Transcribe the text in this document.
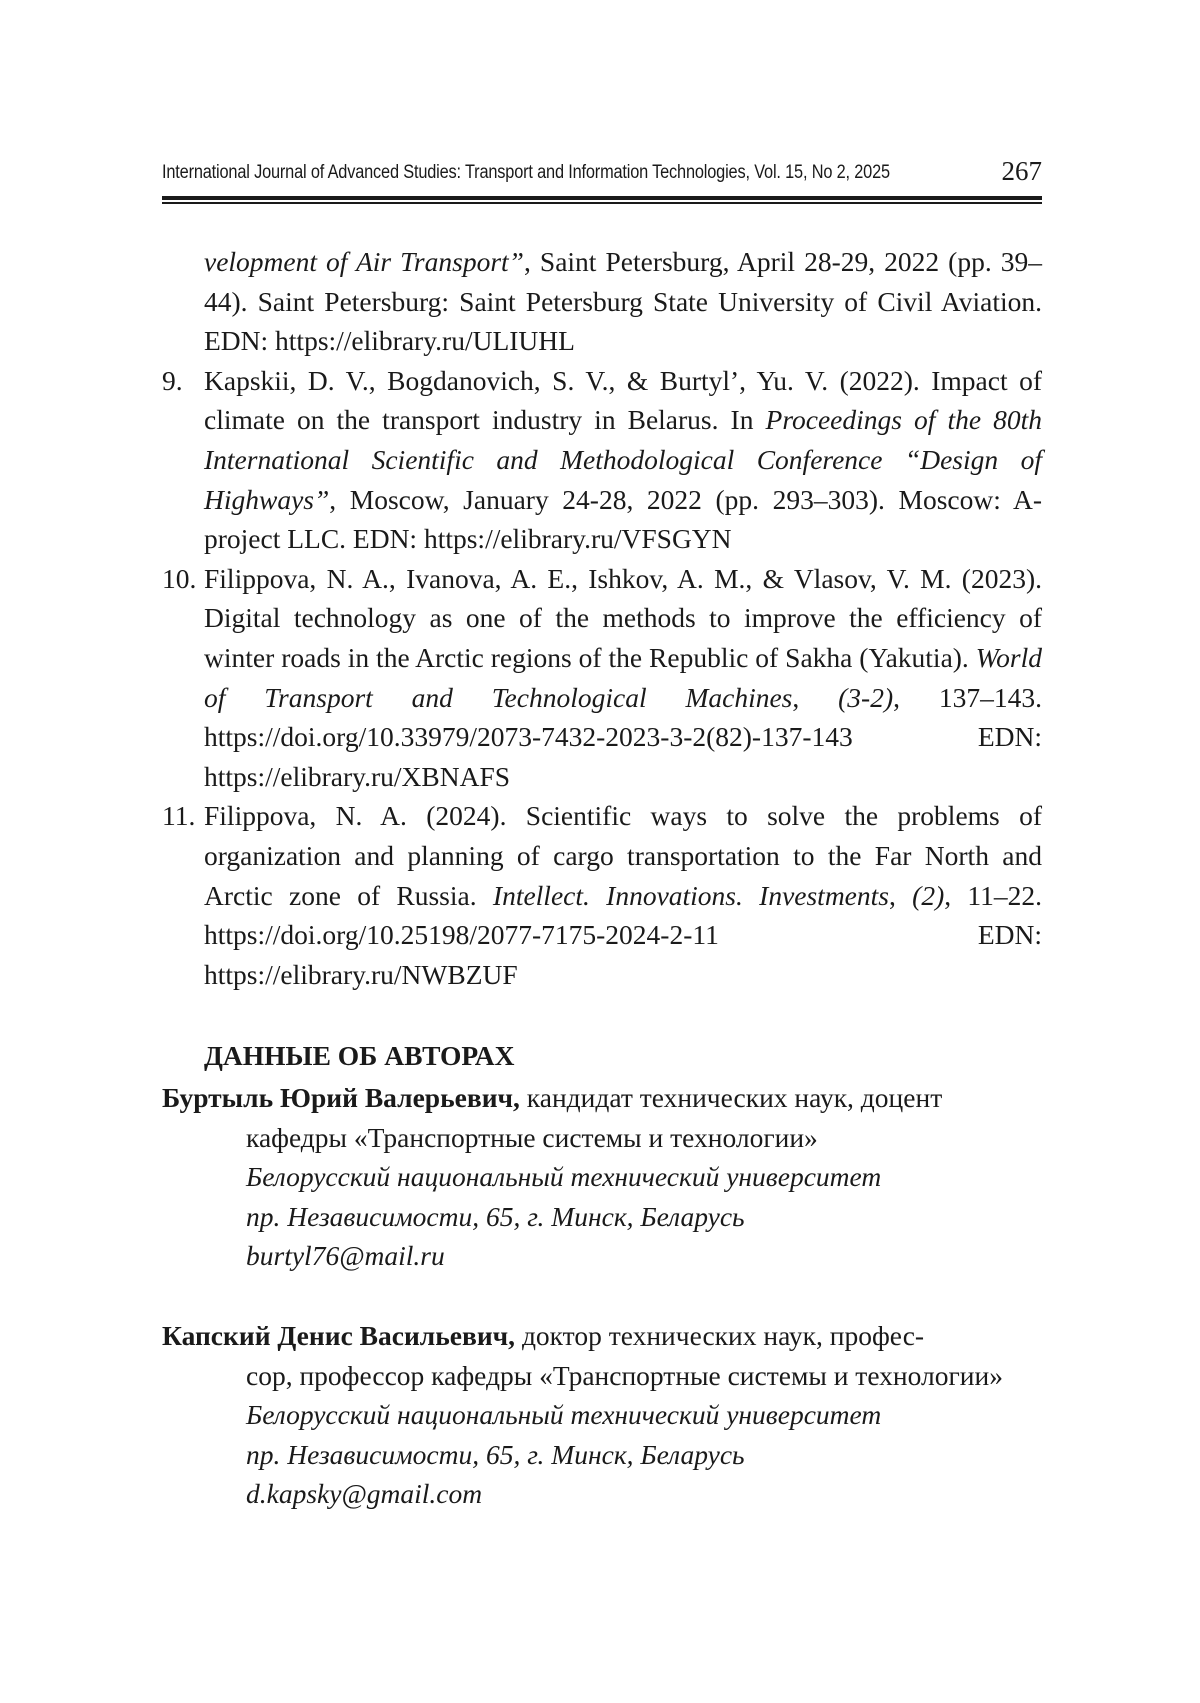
International Journal of Advanced Studies: Transport and Information Technologies, Vol. 15, No 2, 2025	267
velopment of Air Transport”, Saint Petersburg, April 28-29, 2022 (pp. 39–44). Saint Petersburg: Saint Petersburg State University of Civil Aviation. EDN: https://elibrary.ru/ULIUHL
9. Kapskii, D. V., Bogdanovich, S. V., & Burtyl’, Yu. V. (2022). Impact of climate on the transport industry in Belarus. In Proceedings of the 80th International Scientific and Methodological Conference “Design of Highways”, Moscow, January 24-28, 2022 (pp. 293–303). Moscow: A-project LLC. EDN: https://elibrary.ru/VFSGYN
10. Filippova, N. A., Ivanova, A. E., Ishkov, A. M., & Vlasov, V. M. (2023). Digital technology as one of the methods to improve the efficiency of winter roads in the Arctic regions of the Republic of Sakha (Yakutia). World of Transport and Technological Machines, (3-2), 137–143. https://doi.org/10.33979/2073-7432-2023-3-2(82)-137-143 EDN: https://elibrary.ru/XBNAFS
11. Filippova, N. A. (2024). Scientific ways to solve the problems of organization and planning of cargo transportation to the Far North and Arctic zone of Russia. Intellect. Innovations. Investments, (2), 11–22. https://doi.org/10.25198/2077-7175-2024-2-11 EDN: https://elibrary.ru/NWBZUF
ДАННЫЕ ОБ АВТОРАХ
Буртыль Юрий Валерьевич, кандидат технических наук, доцент
кафедры «Транспортные системы и технологии»
Белорусский национальный технический университет
пр. Независимости, 65, г. Минск, Беларусь
burtyl76@mail.ru
Капский Денис Васильевич, доктор технических наук, профес-
сор, профессор кафедры «Транспортные системы и технологии»
Белорусский национальный технический университет
пр. Независимости, 65, г. Минск, Беларусь
d.kapsky@gmail.com
